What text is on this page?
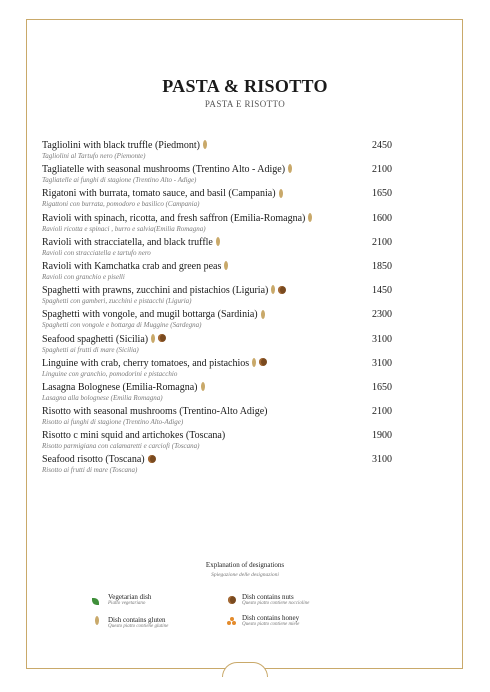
PASTA & RISOTTO
PASTA E RISOTTO
Tagliolini with black truffle (Piedmont)
Tagliolini al Tartufo nero (Piemonte)
2450
Tagliatelle with seasonal mushrooms (Trentino Alto - Adige)
Tagliatelle ai funghi di stagione (Trentino Alto - Adige)
2100
Rigatoni with burrata, tomato sauce, and basil (Campania)
Rigattoni con burrata, pomodoro e basilico (Campania)
1650
Ravioli with spinach, ricotta, and fresh saffron (Emilia-Romagna)
Ravioli ricotta e spinaci , burro e salvia(Emilia Romagna)
1600
Ravioli with stracciatella, and black truffle
Ravioli con stracciatella e tartufo nero
2100
Ravioli with Kamchatka crab and green peas
Ravioli con granchio e piselli
1850
Spaghetti with prawns, zucchini and pistachios (Liguria)
Spaghetti con gamberi, zucchini e pistacchi (Liguria)
1450
Spaghetti with vongole, and mugil bottarga (Sardinia)
Spaghetti con vongole e bottarga di Muggine (Sardegna)
2300
Seafood spaghetti (Sicilia)
Spaghetti ai frutti di mare (Sicilia)
3100
Linguine with crab, cherry tomatoes, and pistachios
Linguine con granchio, pomodorini e pistacchio
3100
Lasagna Bolognese (Emilia-Romagna)
Lasagna alla bolognese (Emilia Romagna)
1650
Risotto with seasonal mushrooms (Trentino-Alto Adige)
Risotto ai funghi di stagione (Trentino Alto-Adige)
2100
Risotto c mini squid and artichokes (Toscana)
Risotto parmigiana con calamaretti e carciofi (Toscana)
1900
Seafood risotto (Toscana)
Risotto ai frutti di mare (Toscana)
3100
Explanation of designations
Spiegazione delle designazioni
Vegetarian dish
Piatto vegetariano
Dish contains nuts
Questo piatto contiene noccioline
Dish contains gluten
Questo piatto contiene glutine
Dish contains honey
Questo piatto contiene miele
